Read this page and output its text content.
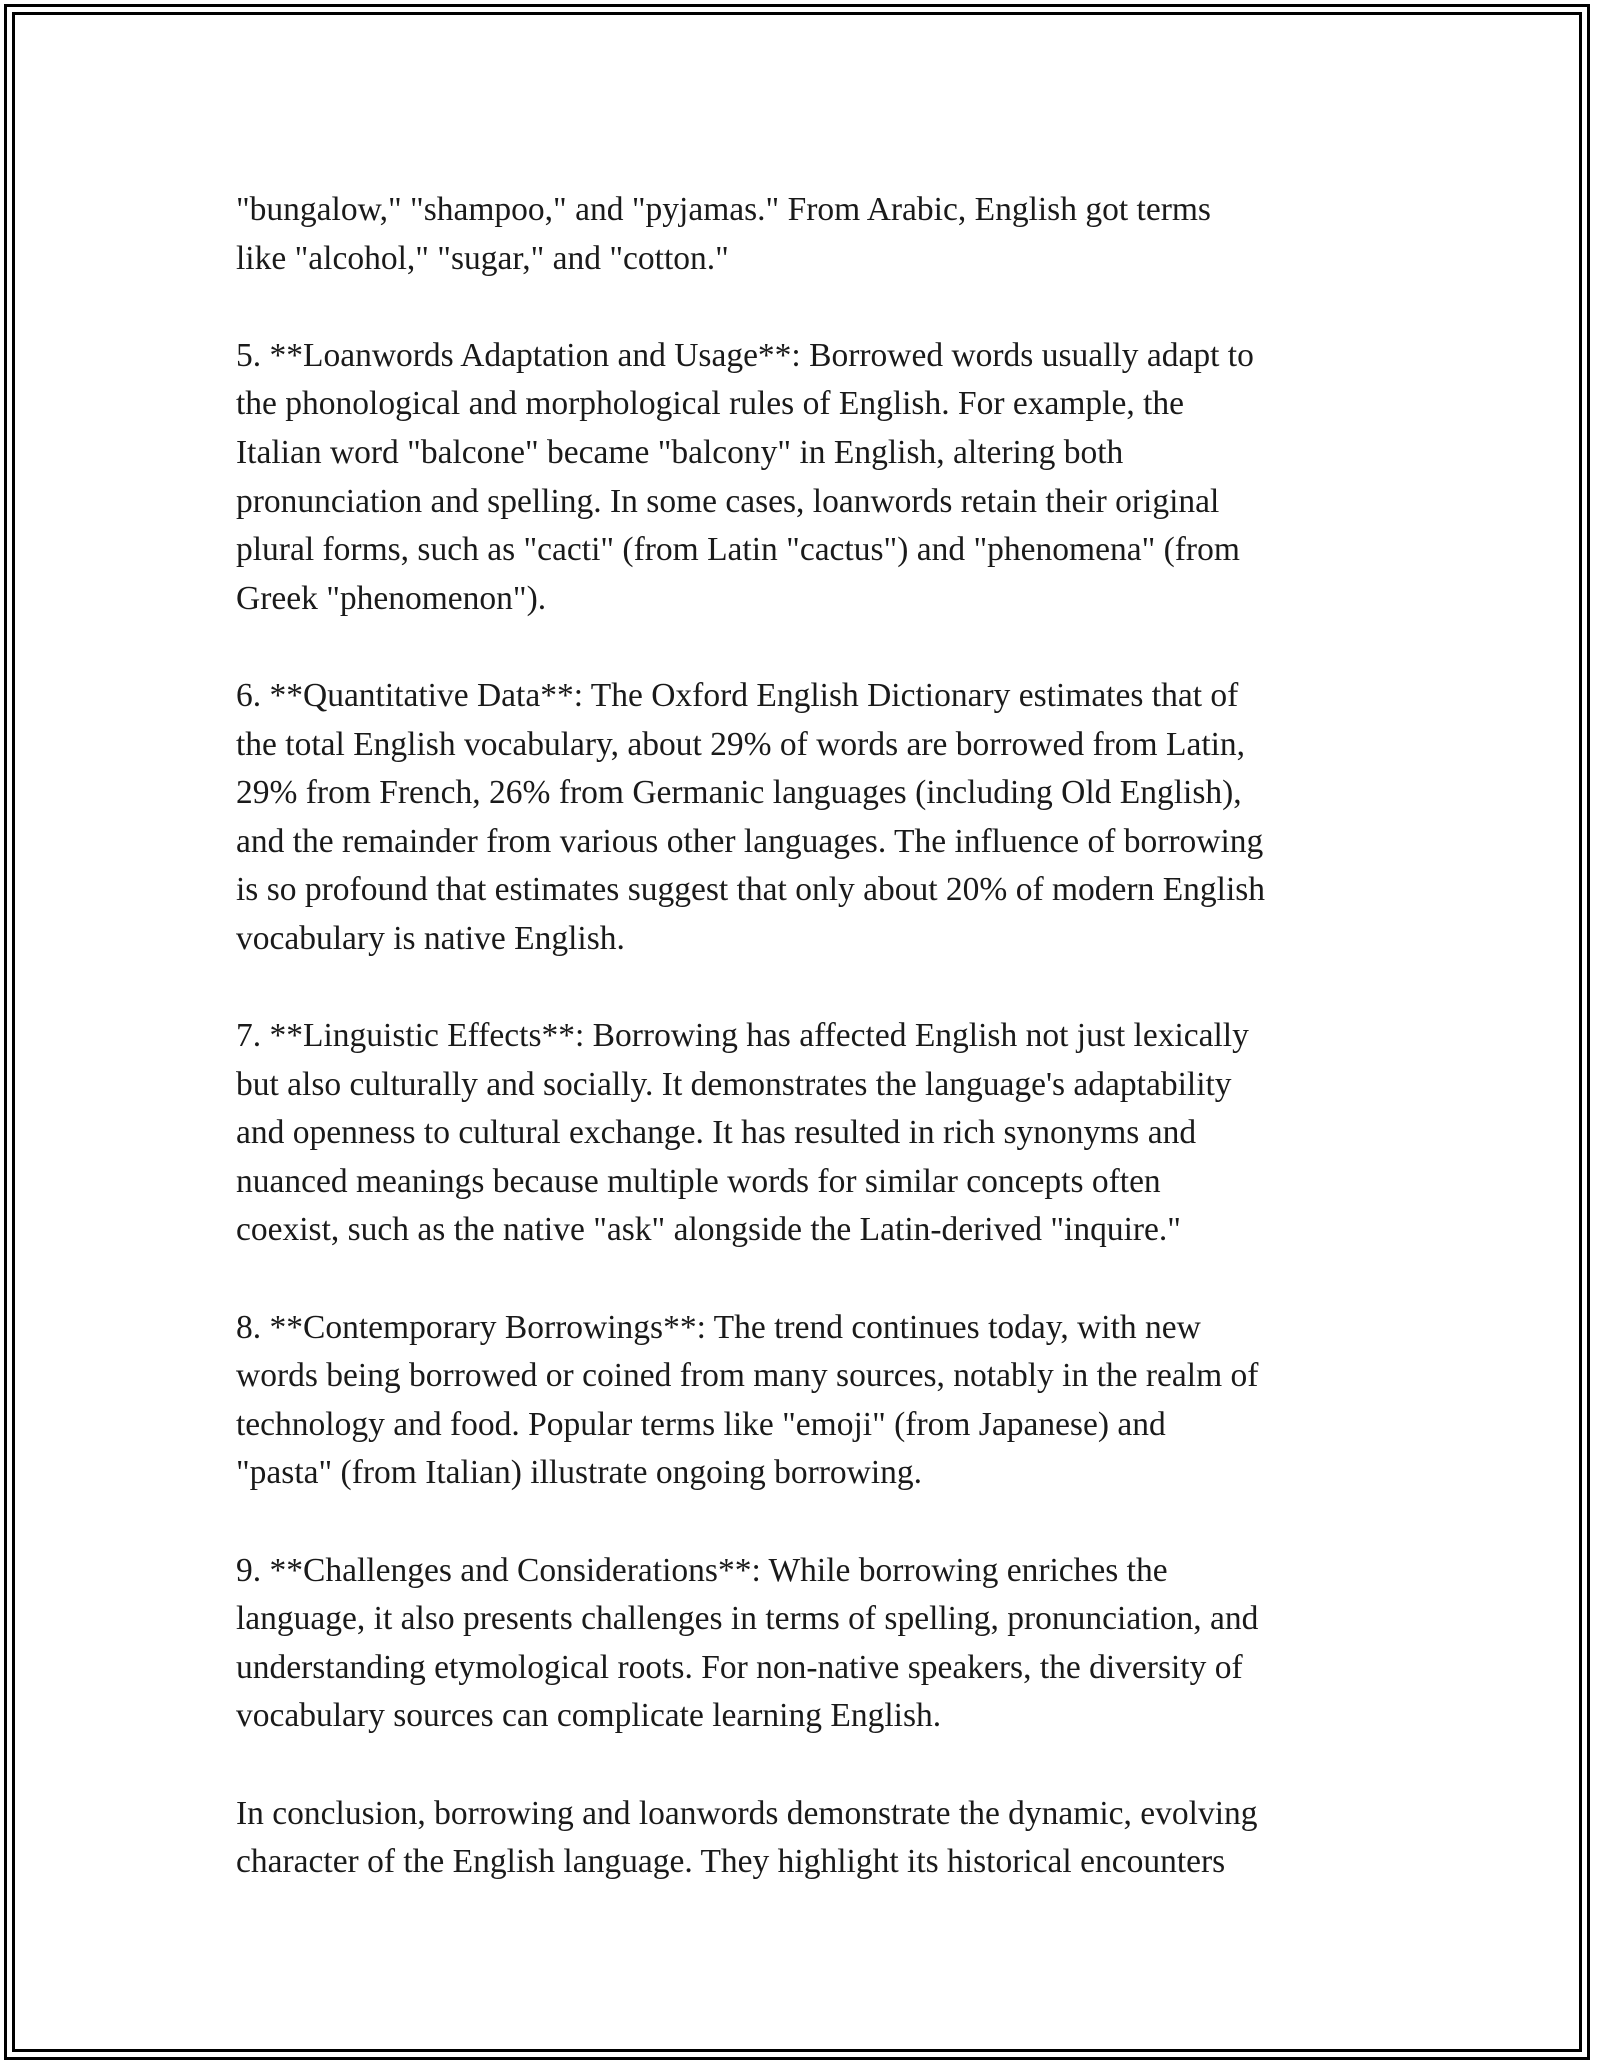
"bungalow," "shampoo," and "pyjamas." From Arabic, English got terms
like "alcohol," "sugar," and "cotton."

5. **Loanwords Adaptation and Usage**: Borrowed words usually adapt to
the phonological and morphological rules of English. For example, the
Italian word "balcone" became "balcony" in English, altering both
pronunciation and spelling. In some cases, loanwords retain their original
plural forms, such as "cacti" (from Latin "cactus") and "phenomena" (from
Greek "phenomenon").

6. **Quantitative Data**: The Oxford English Dictionary estimates that of
the total English vocabulary, about 29% of words are borrowed from Latin,
29% from French, 26% from Germanic languages (including Old English),
and the remainder from various other languages. The influence of borrowing
is so profound that estimates suggest that only about 20% of modern English
vocabulary is native English.

7. **Linguistic Effects**: Borrowing has affected English not just lexically
but also culturally and socially. It demonstrates the language's adaptability
and openness to cultural exchange. It has resulted in rich synonyms and
nuanced meanings because multiple words for similar concepts often
coexist, such as the native "ask" alongside the Latin-derived "inquire."

8. **Contemporary Borrowings**: The trend continues today, with new
words being borrowed or coined from many sources, notably in the realm of
technology and food. Popular terms like "emoji" (from Japanese) and
"pasta" (from Italian) illustrate ongoing borrowing.

9. **Challenges and Considerations**: While borrowing enriches the
language, it also presents challenges in terms of spelling, pronunciation, and
understanding etymological roots. For non-native speakers, the diversity of
vocabulary sources can complicate learning English.

In conclusion, borrowing and loanwords demonstrate the dynamic, evolving
character of the English language. They highlight its historical encounters
